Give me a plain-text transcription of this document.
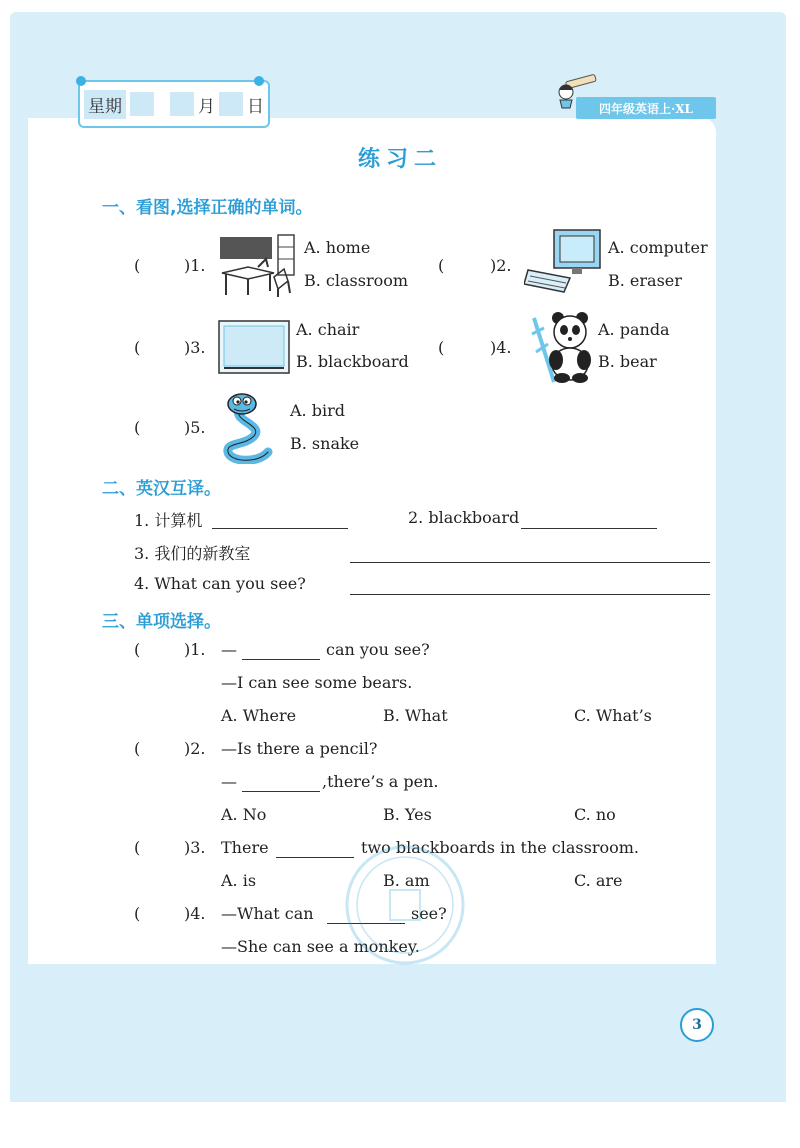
星期	月 日	四年级英语上·XL
练习二
一、看图,选择正确的单词。
(	)1.
A. home
B. classroom
(	)2.
A. computer
B. eraser
(	)3.
A. chair
B. blackboard
(	)4.
A. panda
B. bear
(	)5.
A. bird
B. snake
二、英汉互译。
1. 计算机	2. blackboard
3. 我们的新教室
4. What can you see?
三、单项选择。
(	)1. —	can you see?
—I can see some bears.
A. Where	B. What	C. What’s
(	)2. —Is there a pencil?
—	,there’s a pen.
A. No	B. Yes	C. no
(	)3. There	two blackboards in the classroom.
A. is	B. am	C. are
(	)4. —What can	see?
—She can see a monkey.
3
